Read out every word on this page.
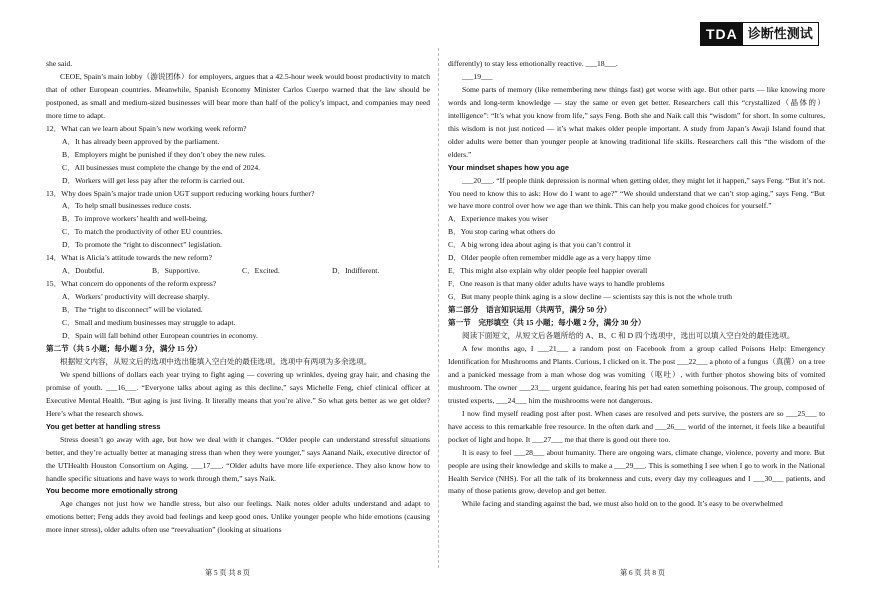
TDA 诊断性测试

she said.

CEOE, Spain’s main lobby（游说团体）for employers, argues that a 42.5-hour week would boost productivity to match that of other European countries. Meanwhile, Spanish Economy Minister Carlos Cuerpo warned that the law should be postponed, as small and medium-sized businesses will bear more than half of the policy’s impact, and companies may need more time to adapt.

12．What can we learn about Spain’s new working week reform?

A．It has already been approved by the parliament.

B．Employers might be punished if they don’t obey the new rules.

C．All businesses must complete the change by the end of 2024.

D．Workers will get less pay after the reform is carried out.

13．Why does Spain’s major trade union UGT support reducing working hours further?

A．To help small businesses reduce costs.

B．To improve workers’ health and well-being.

C．To match the productivity of other EU countries.

D．To promote the “right to disconnect” legislation.

14．What is Alicia’s attitude towards the new reform?

A．Doubtful.	B．Supportive.	C．Excited.	D．Indifferent.

15．What concern do opponents of the reform express?

A．Workers’ productivity will decrease sharply.

B．The “right to disconnect” will be violated.

C．Small and medium businesses may struggle to adapt.

D．Spain will fall behind other European countries in economy.

第二节（共 5 小题；每小题 3 分，满分 15 分）

根据短文内容，从短文后的选项中选出能填入空白处的最佳选项。选项中有两项为多余选项。

We spend billions of dollars each year trying to fight aging — covering up wrinkles, dyeing gray hair, and chasing the promise of youth. ___16___. “Everyone talks about aging as this decline,” says Michelle Feng, chief clinical officer at Executive Mental Health. “But aging is just living. It literally means that you’re alive.” So what gets better as we get older? Here’s what the research shows.

You get better at handling stress

Stress doesn’t go away with age, but how we deal with it changes. “Older people can understand stressful situations better, and they’re actually better at managing stress than when they were younger,” says Aanand Naik, executive director of the UTHealth Houston Consortium on Aging. ___17___. “Older adults have more life experience. They also know how to handle specific situations and have ways to work through them,” says Naik.

You become more emotionally strong

Age changes not just how we handle stress, but also our feelings. Naik notes older adults understand and adapt to emotions better; Feng adds they avoid bad feelings and keep good ones. Unlike younger people who hide emotions (causing more inner stress), older adults often use “reevaluation” (looking at situations

第 5 页 共 8 页

differently) to stay less emotionally reactive. ___18___.

___19___

Some parts of memory (like remembering new things fast) get worse with age. But other parts — like knowing more words and long-term knowledge — stay the same or even get better. Researchers call this “crystallized（晶体的）intelligence”: “It’s what you know from life,” says Feng. Both she and Naik call this “wisdom” for short. In some cultures, this wisdom is not just noticed — it’s what makes older people important. A study from Japan’s Awaji Island found that older adults were better than younger people at knowing traditional life skills. Researchers call this “the wisdom of the elders.”

Your mindset shapes how you age

___20___. “If people think depression is normal when getting older, they might let it happen,” says Feng. “But it’s not. You need to know this to ask: How do I want to age?” “We should understand that we can’t stop aging,” says Feng. “But we have more control over how we age than we think. This can help you make good choices for yourself.”

A．Experience makes you wiser

B．You stop caring what others do

C．A big wrong idea about aging is that you can’t control it

D．Older people often remember middle age as a very happy time

E．This might also explain why older people feel happier overall

F．One reason is that many older adults have ways to handle problems

G．But many people think aging is a slow decline — scientists say this is not the whole truth

第二部分　语言知识运用（共两节，满分 50 分）

第一节　完形填空（共 15 小题；每小题 2 分，满分 30 分）

阅读下面短文，从短文后各题所给的 A、B、C 和 D 四个选项中，选出可以填入空白处的最佳选项。

A few months ago, I ___21___ a random post on Facebook from a group called Poisons Help: Emergency Identification for Mushrooms and Plants. Curious, I clicked on it. The post ___22___ a photo of a fungus（真菌）on a tree and a panicked message from a man whose dog was vomiting（呕吐）, with further photos showing bits of vomited mushroom. The owner ___23___ urgent guidance, fearing his pet had eaten something poisonous. The group, composed of trusted experts, ___24___ him the mushrooms were not dangerous.

I now find myself reading post after post. When cases are resolved and pets survive, the posters are so ___25___ to have access to this remarkable free resource. In the often dark and ___26___ world of the internet, it feels like a beautiful pocket of light and hope. It ___27___ me that there is good out there too.

It is easy to feel ___28___ about humanity. There are ongoing wars, climate change, violence, poverty and more. But people are using their knowledge and skills to make a ___29___. This is something I see when I go to work in the National Health Service (NHS). For all the talk of its brokenness and cuts, every day my colleagues and I ___30___ patients, and many of those patients grow, develop and get better.

While facing and standing against the bad, we must also hold on to the good. It’s easy to be overwhelmed

第 6 页 共 8 页
